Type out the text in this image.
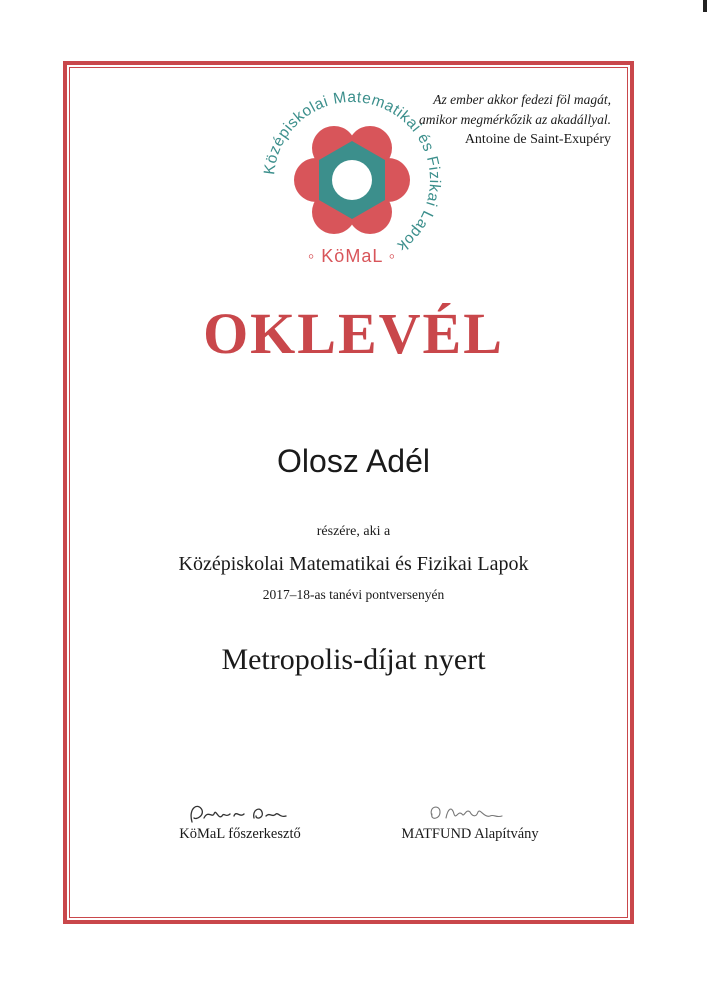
Az ember akkor fedezi föl magát,
amikor megmérkőzik az akadállyal.
Antoine de Saint-Exupéry
Középiskolai Matematikai és Fizikai Lapok
◦ KöMaL ◦
OKLEVÉL
Olosz Adél
részére, aki a
Középiskolai Matematikai és Fizikai Lapok
2017–18-as tanévi pontversenyén
Metropolis-díjat nyert
KöMaL főszerkesztő	MATFUND Alapítvány
